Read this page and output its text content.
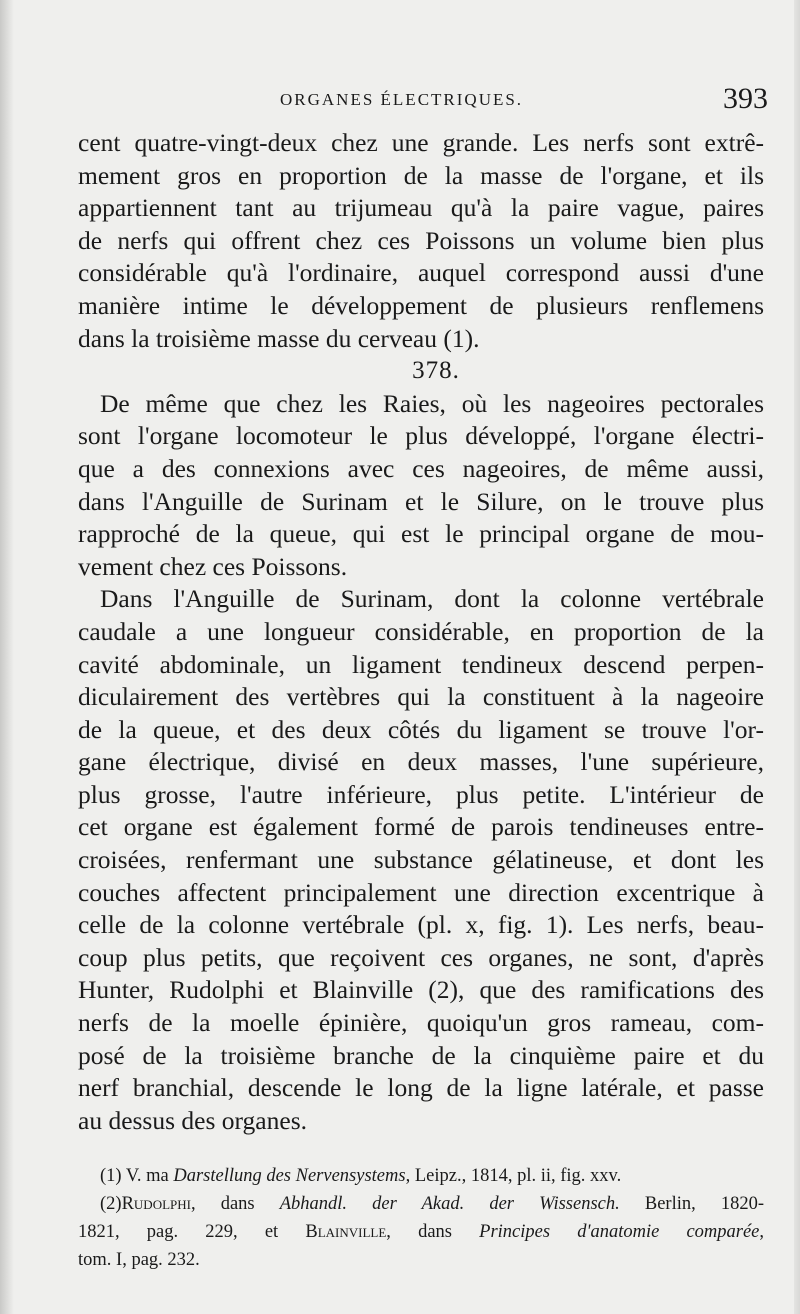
ORGANES ÉLECTRIQUES.	393
cent quatre-vingt-deux chez une grande. Les nerfs sont extrê-
mement gros en proportion de la masse de l'organe, et ils
appartiennent tant au trijumeau qu'à la paire vague, paires
de nerfs qui offrent chez ces Poissons un volume bien plus
considérable qu'à l'ordinaire, auquel correspond aussi d'une
manière intime le développement de plusieurs renflemens
dans la troisième masse du cerveau (1).
378.
De même que chez les Raies, où les nageoires pectorales
sont l'organe locomoteur le plus développé, l'organe électri-
que a des connexions avec ces nageoires, de même aussi,
dans l'Anguille de Surinam et le Silure, on le trouve plus
rapproché de la queue, qui est le principal organe de mou-
vement chez ces Poissons.
Dans l'Anguille de Surinam, dont la colonne vertébrale
caudale a une longueur considérable, en proportion de la
cavité abdominale, un ligament tendineux descend perpen-
diculairement des vertèbres qui la constituent à la nageoire
de la queue, et des deux côtés du ligament se trouve l'or-
gane électrique, divisé en deux masses, l'une supérieure,
plus grosse, l'autre inférieure, plus petite. L'intérieur de
cet organe est également formé de parois tendineuses entre-
croisées, renfermant une substance gélatineuse, et dont les
couches affectent principalement une direction excentrique à
celle de la colonne vertébrale (pl. x, fig. 1). Les nerfs, beau-
coup plus petits, que reçoivent ces organes, ne sont, d'après
Hunter, Rudolphi et Blainville (2), que des ramifications des
nerfs de la moelle épinière, quoiqu'un gros rameau, com-
posé de la troisième branche de la cinquième paire et du
nerf branchial, descende le long de la ligne latérale, et passe
au dessus des organes.
(1) V. ma Darstellung des Nervensystems, Leipz., 1814, pl. ii, fig. xxv.
(2)Rudolphi, dans Abhandl. der Akad. der Wissensch. Berlin, 1820-
1821, pag. 229, et Blainville, dans Principes d'anatomie comparée,
tom. I, pag. 232.
